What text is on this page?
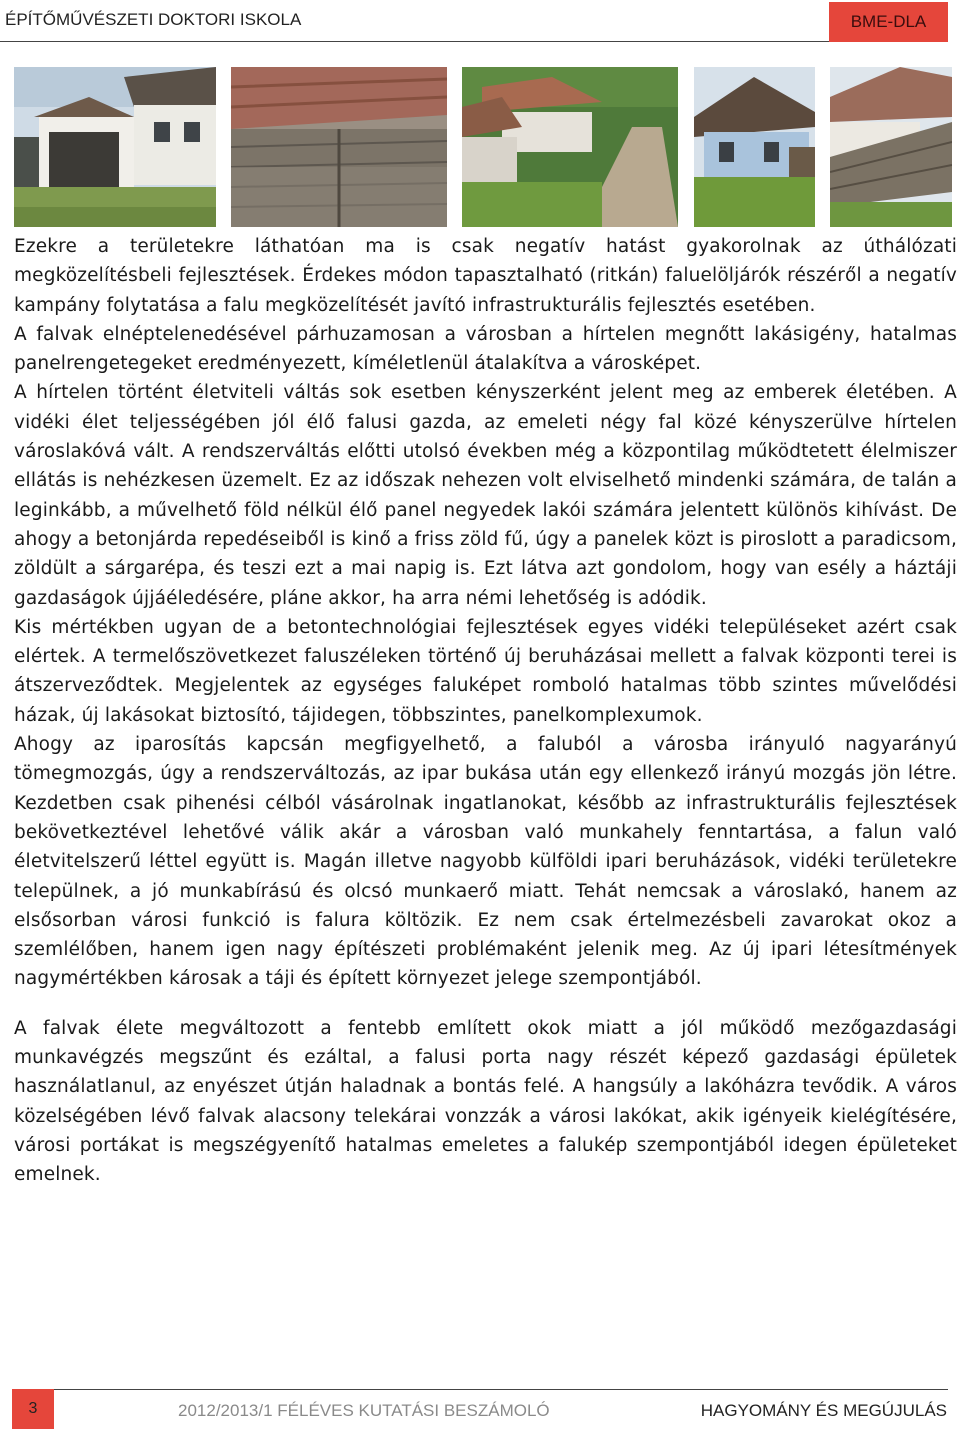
ÉPÍTŐMŰVÉSZETI DOKTORI ISKOLA	BME-DLA

Ezekre a területekre láthatóan ma is csak negatív hatást gyakorolnak az úthálózati megközelítésbeli fejlesztések. Érdekes módon tapasztalható (ritkán) faluelöljárók részéről a negatív kampány folytatása a falu megközelítését javító infrastrukturális fejlesztés esetében.

A falvak elnéptelenedésével párhuzamosan a városban a hírtelen megnőtt lakásigény, hatalmas panelrengetegeket eredményezett, kíméletlenül átalakítva a városképet.

A hírtelen történt életviteli váltás sok esetben kényszerként jelent meg az emberek életében. A vidéki élet teljességében jól élő falusi gazda, az emeleti négy fal közé kényszerülve hírtelen városlakóvá vált. A rendszerváltás előtti utolsó években még a központilag működtetett élelmiszer ellátás is nehézkesen üzemelt. Ez az időszak nehezen volt elviselhető mindenki számára, de talán a leginkább, a művelhető föld nélkül élő panel negyedek lakói számára jelentett különös kihívást. De ahogy a betonjárda repedéseiből is kinő a friss zöld fű, úgy a panelek közt is piroslott a paradicsom, zöldült a sárgarépa, és teszi ezt a mai napig is. Ezt látva azt gondolom, hogy van esély a háztáji gazdaságok újjáéledésére, pláne akkor, ha arra némi lehetőség is adódik.

Kis mértékben ugyan de a betontechnológiai fejlesztések egyes vidéki településeket azért csak elértek. A termelőszövetkezet faluszéleken történő új beruházásai mellett a falvak központi terei is átszerveződtek. Megjelentek az egységes faluképet romboló hatalmas több szintes művelődési házak, új lakásokat biztosító, tájidegen, többszintes, panelkomplexumok.

Ahogy az iparosítás kapcsán megfigyelhető, a faluból a városba irányuló nagyarányú tömegmozgás, úgy a rendszerváltozás, az ipar bukása után egy ellenkező irányú mozgás jön létre. Kezdetben csak pihenési célból vásárolnak ingatlanokat, később az infrastrukturális fejlesztések bekövetkeztével lehetővé válik akár a városban való munkahely fenntartása, a falun való életvitelszerű léttel együtt is. Magán illetve nagyobb külföldi ipari beruházások, vidéki területekre települnek, a jó munkabírású és olcsó munkaerő miatt. Tehát nemcsak a városlakó, hanem az elsősorban városi funkció is falura költözik. Ez nem csak értelmezésbeli zavarokat okoz a szemlélőben, hanem igen nagy építészeti problémaként jelenik meg. Az új ipari létesítmények nagymértékben károsak a táji és épített környezet jelege szempontjából.

A falvak élete megváltozott a fentebb említett okok miatt a jól működő mezőgazdasági munkavégzés megszűnt és ezáltal, a falusi porta nagy részét képező gazdasági épületek használatlanul, az enyészet útján haladnak a bontás felé. A hangsúly a lakóházra tevődik. A város közelségében lévő falvak alacsony telekárai vonzzák a városi lakókat, akik igényeik kielégítésére, városi portákat is megszégyenítő hatalmas emeletes a falukép szempontjából idegen épületeket emelnek.

3	2012/2013/1 FÉLÉVES KUTATÁSI BESZÁMOLÓ	HAGYOMÁNY ÉS MEGÚJULÁS
